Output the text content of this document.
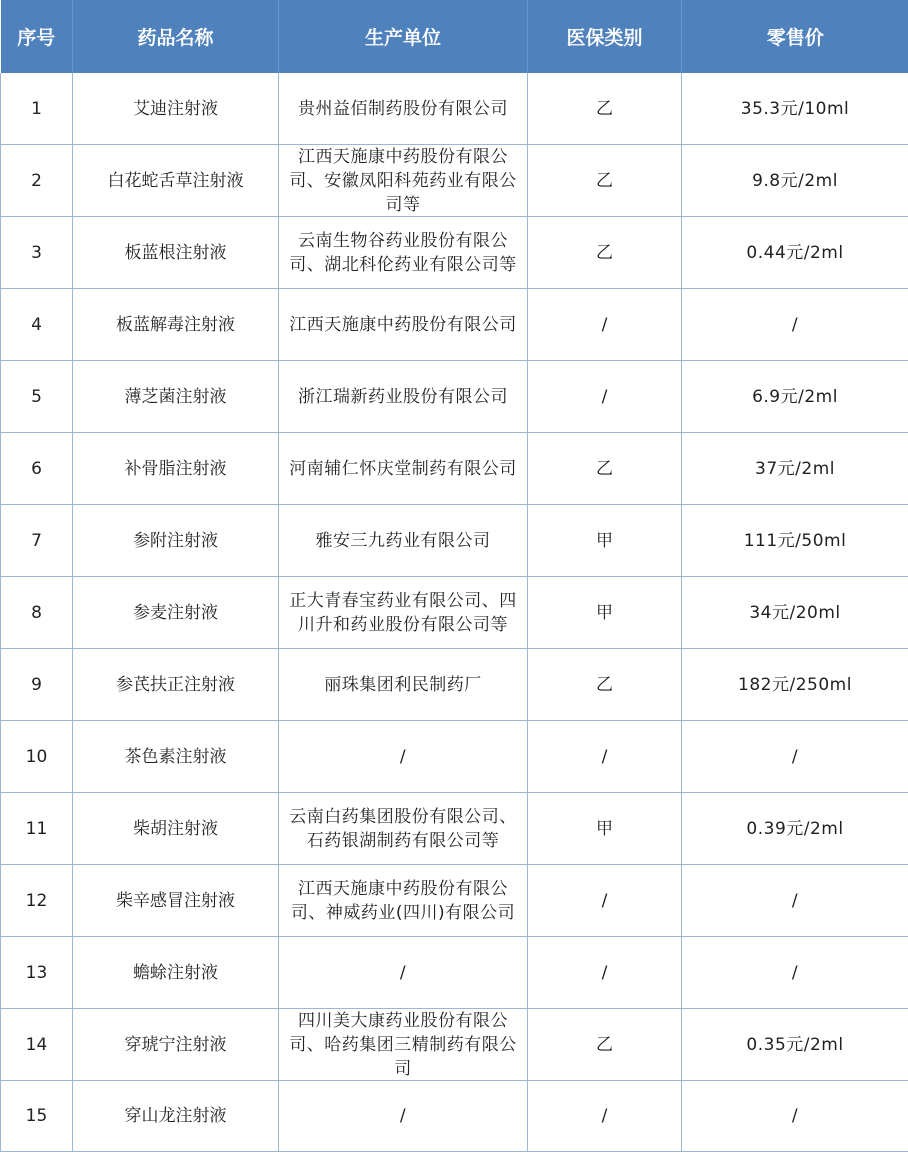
序号	药品名称	生产单位	医保类别	零售价

1	艾迪注射液	贵州益佰制药股份有限公司	乙	35.3元/10ml

2	白花蛇舌草注射液	江西天施康中药股份有限公司、安徽凤阳科苑药业有限公司等	乙	9.8元/2ml

3	板蓝根注射液	云南生物谷药业股份有限公司、湖北科伦药业有限公司等	乙	0.44元/2ml

4	板蓝解毒注射液	江西天施康中药股份有限公司	/	/

5	薄芝菌注射液	浙江瑞新药业股份有限公司	/	6.9元/2ml

6	补骨脂注射液	河南辅仁怀庆堂制药有限公司	乙	37元/2ml

7	参附注射液	雅安三九药业有限公司	甲	111元/50ml

8	参麦注射液	正大青春宝药业有限公司、四川升和药业股份有限公司等	甲	34元/20ml

9	参芪扶正注射液	丽珠集团利民制药厂	乙	182元/250ml

10	茶色素注射液	/	/	/

11	柴胡注射液	云南白药集团股份有限公司、石药银湖制药有限公司等	甲	0.39元/2ml

12	柴辛感冒注射液	江西天施康中药股份有限公司、神威药业(四川)有限公司	/	/

13	蟾蜍注射液	/	/	/

14	穿琥宁注射液	四川美大康药业股份有限公司、哈药集团三精制药有限公司	乙	0.35元/2ml

15	穿山龙注射液	/	/	/
